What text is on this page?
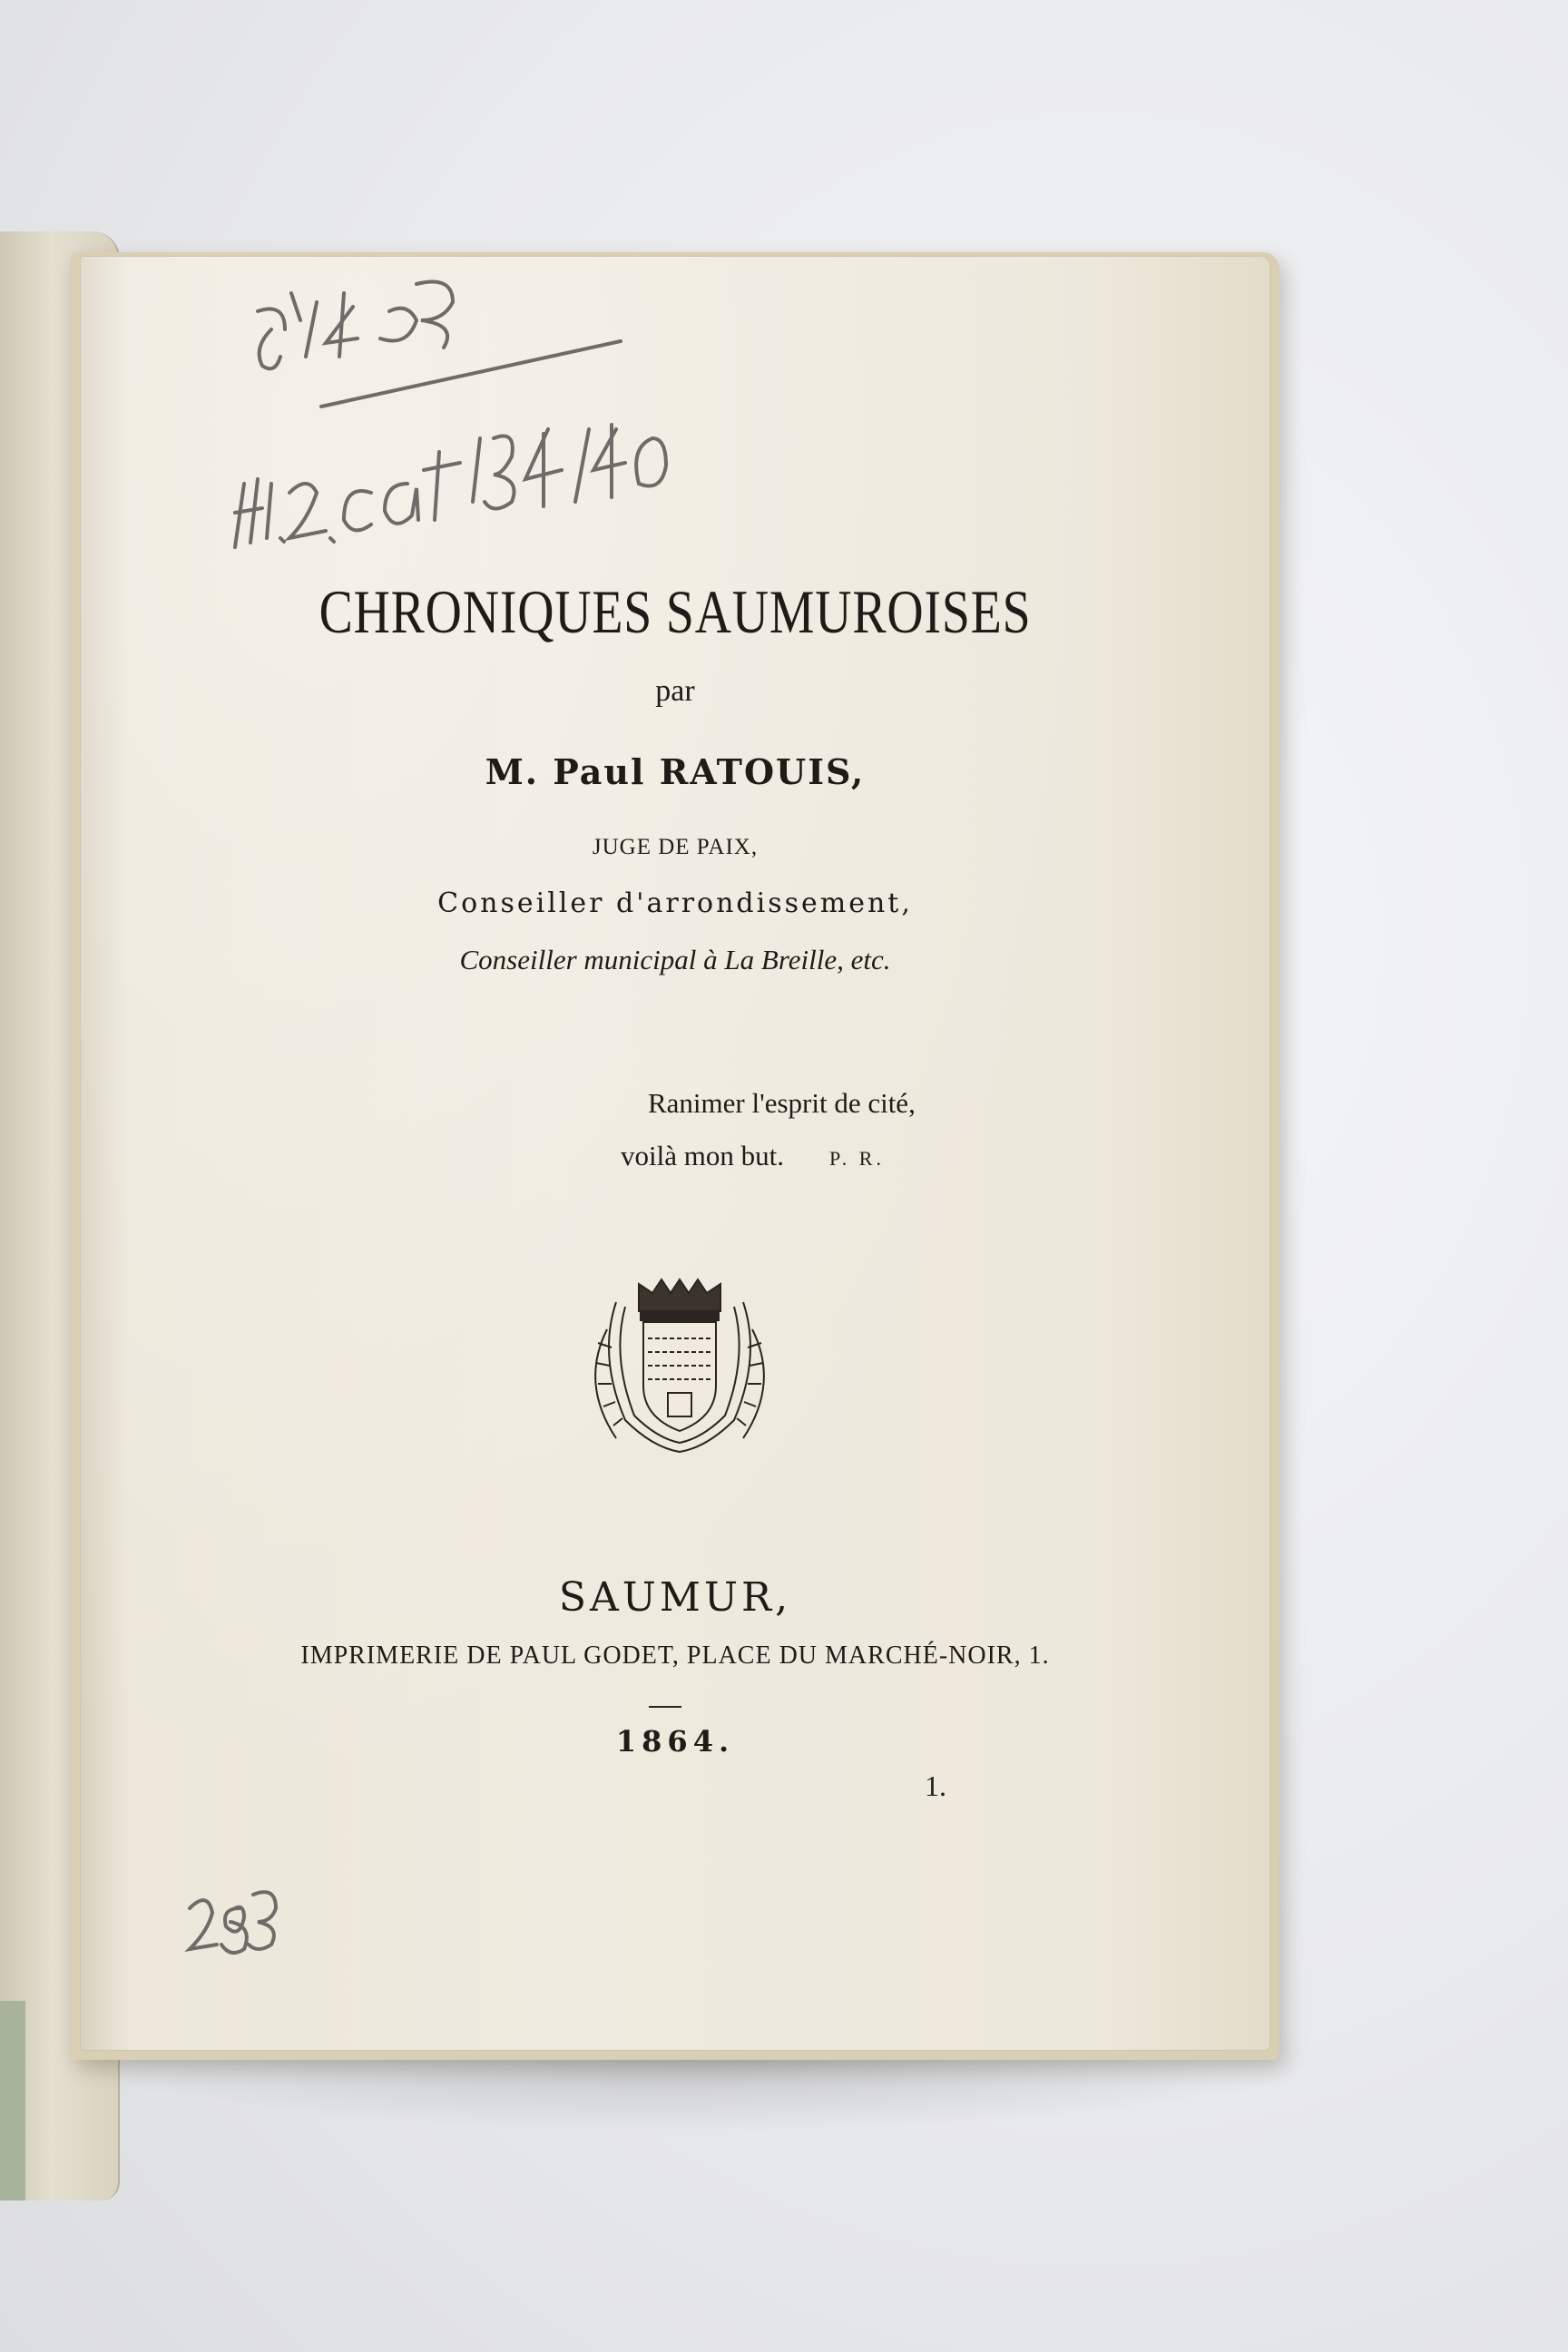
CHRONIQUES SAUMUROISES
par
M. Paul RATOUIS,
JUGE DE PAIX,
Conseiller d'arrondissement,
Conseiller municipal à La Breille, etc.
Ranimer l'esprit de cité,
voilà mon but. P. R.
SAUMUR,
IMPRIMERIE DE PAUL GODET, PLACE DU MARCHÉ-NOIR, 1.
1864.
1.
